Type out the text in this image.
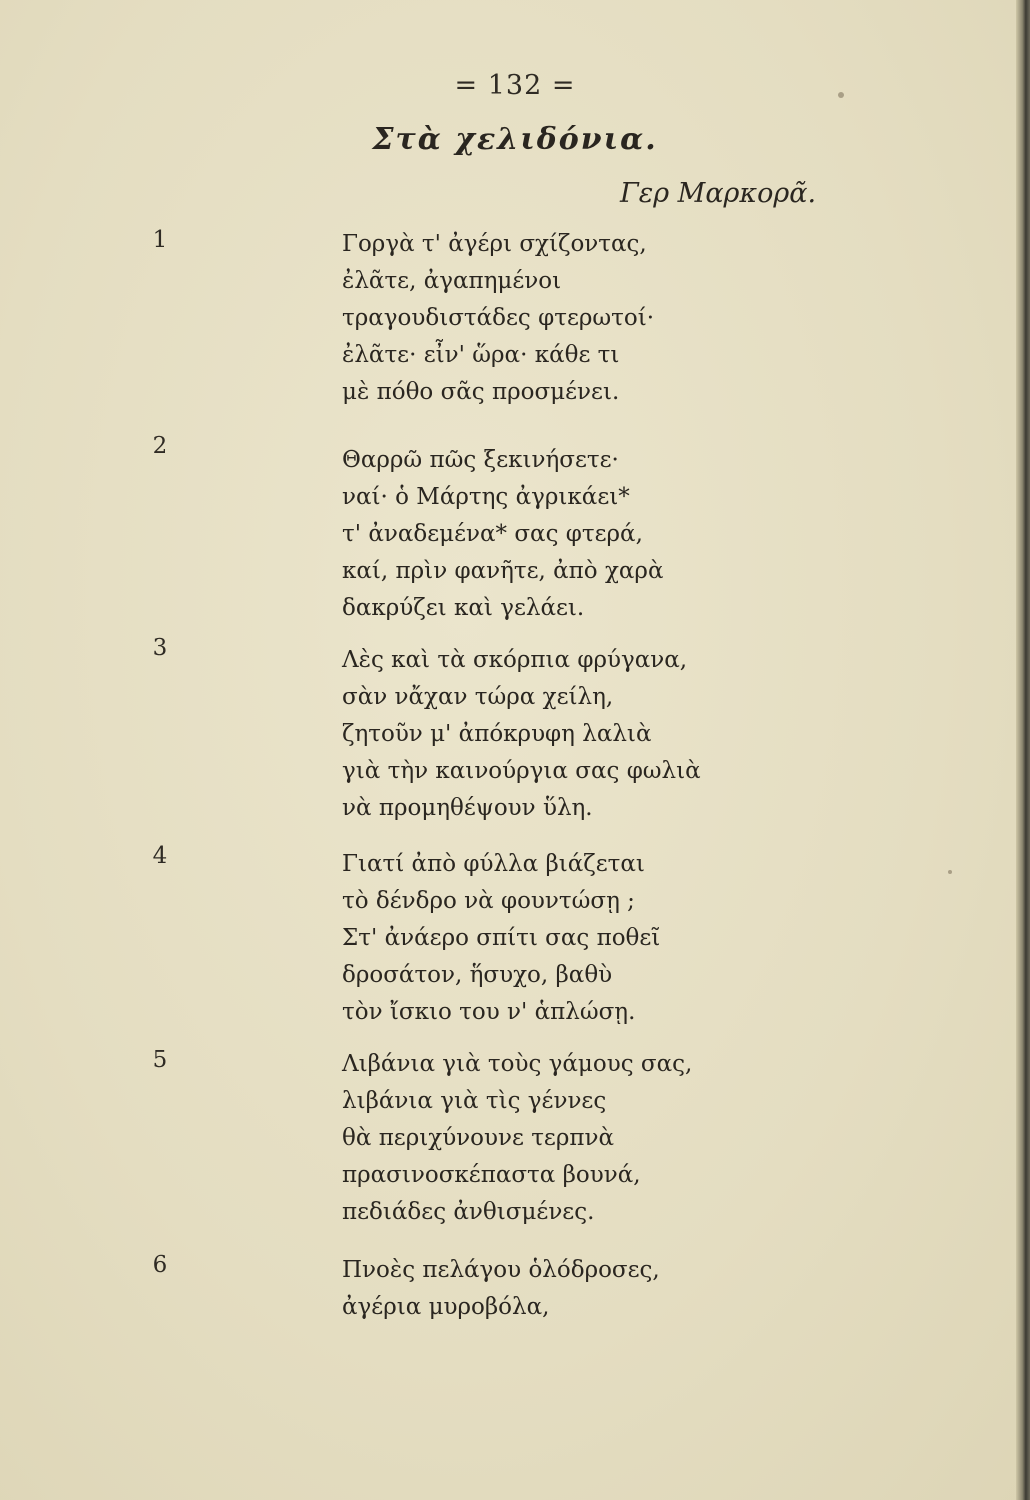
= 132 =
Στὰ χελιδόνια.
Γερ Μαρκορᾶ.
1
2
3
4
5
6
Γοργὰ τ' ἀγέρι σχίζοντας,
ἐλᾶτε, ἀγαπημένοι
τραγουδιστάδες φτερωτοί·
ἐλᾶτε· εἶν' ὥρα· κάθε τι
μὲ πόθο σᾶς προσμένει.
Θαρρῶ πῶς ξεκινήσετε·
ναί· ὁ Μάρτης ἀγρικάει*
τ' ἀναδεμένα* σας φτερά,
καί, πρὶν φανῆτε, ἀπὸ χαρὰ
δακρύζει καὶ γελάει.
Λὲς καὶ τὰ σκόρπια φρύγανα,
σὰν νἄχαν τώρα χείλη,
ζητοῦν μ' ἀπόκρυφη λαλιὰ
γιὰ τὴν καινούργια σας φωλιὰ
νὰ προμηθέψουν ὕλη.
Γιατί ἀπὸ φύλλα βιάζεται
τὸ δένδρο νὰ φουντώσῃ ;
Στ' ἀνάερο σπίτι σας ποθεῖ
δροσάτον, ἥσυχο, βαθὺ
τὸν ἴσκιο του ν' ἁπλώσῃ.
Λιβάνια γιὰ τοὺς γάμους σας,
λιβάνια γιὰ τὶς γέννες
θὰ περιχύνουνε τερπνὰ
πρασινοσκέπαστα βουνά,
πεδιάδες ἀνθισμένες.
Πνοὲς πελάγου ὁλόδροσες,
ἀγέρια μυροβόλα,
